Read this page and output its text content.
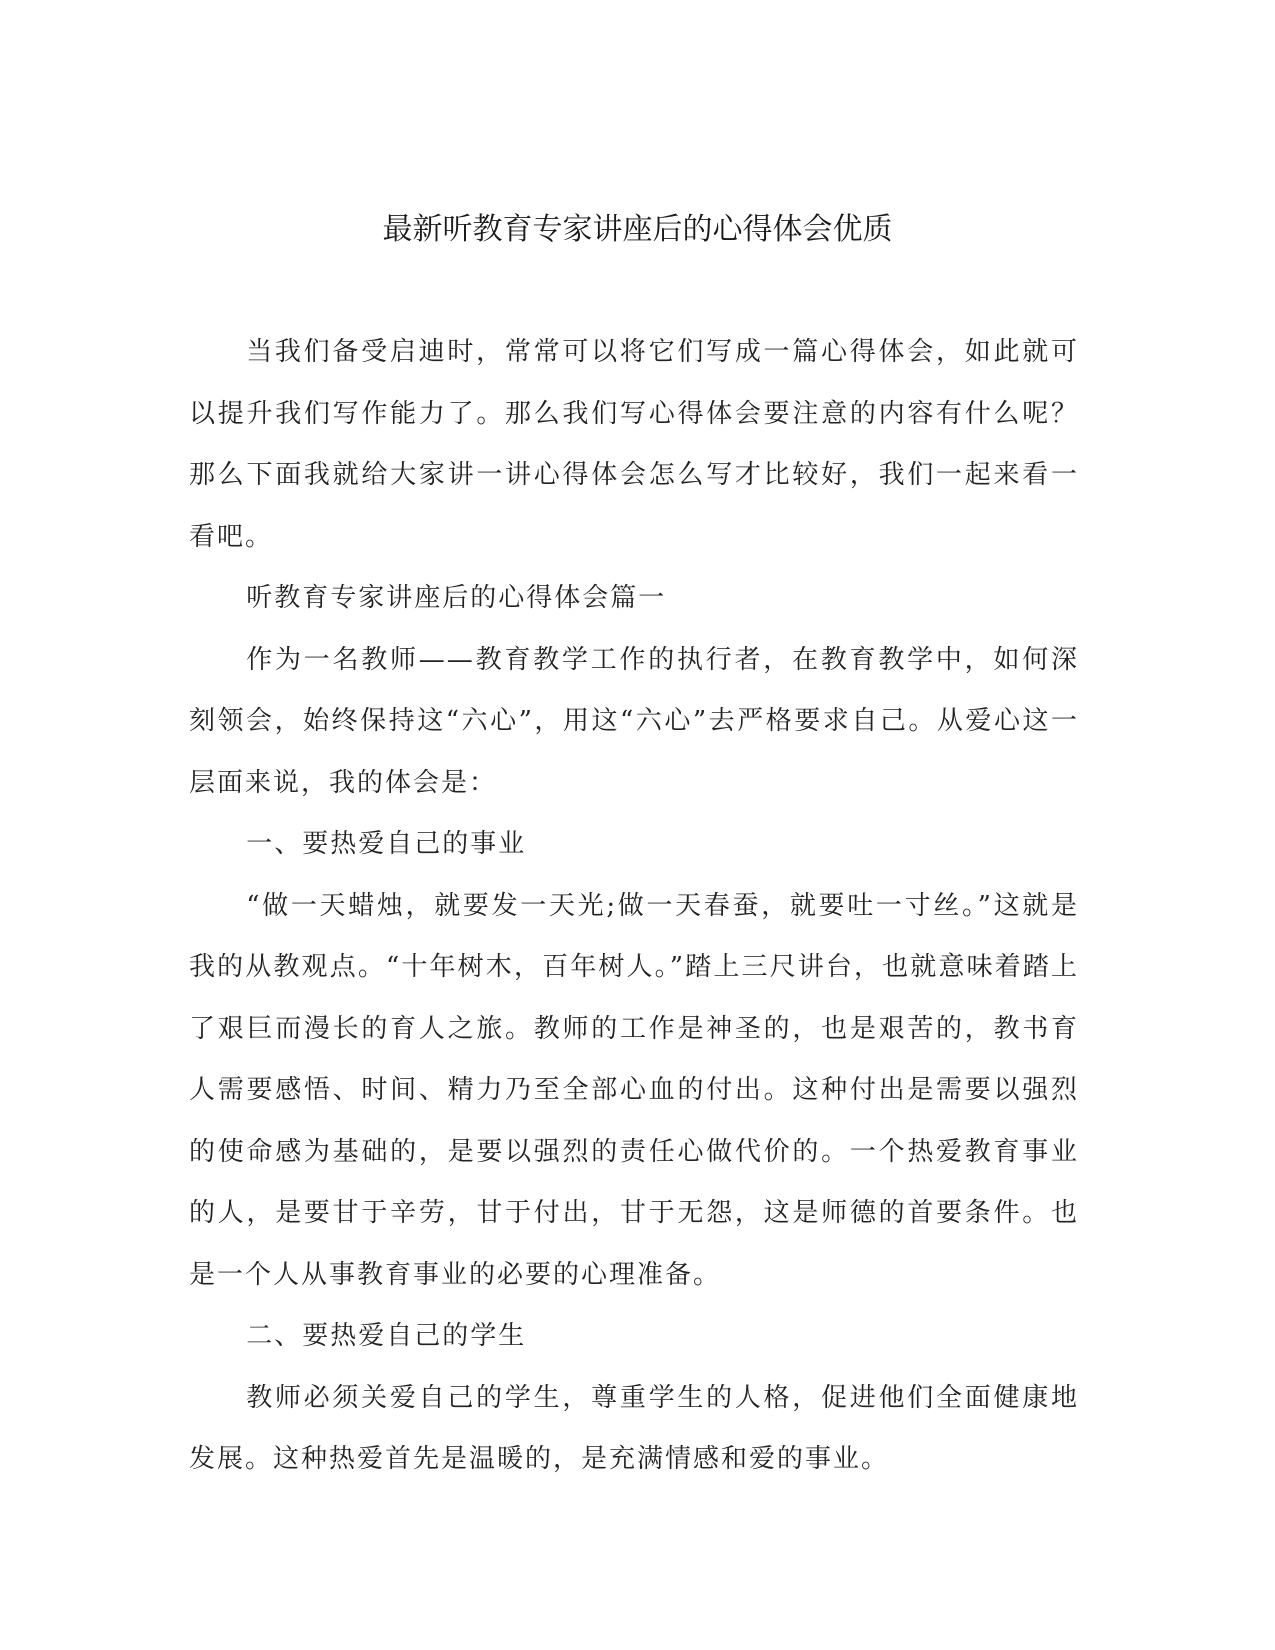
最新听教育专家讲座后的心得体会优质

当我们备受启迪时，常常可以将它们写成一篇心得体会，如此就可以提升我们写作能力了。那么我们写心得体会要注意的内容有什么呢？那么下面我就给大家讲一讲心得体会怎么写才比较好，我们一起来看一看吧。

听教育专家讲座后的心得体会篇一

作为一名教师——教育教学工作的执行者，在教育教学中，如何深刻领会，始终保持这“六心”，用这“六心”去严格要求自己。从爱心这一层面来说，我的体会是：

一、要热爱自己的事业

“做一天蜡烛，就要发一天光;做一天春蚕，就要吐一寸丝。”这就是我的从教观点。“十年树木，百年树人。”踏上三尺讲台，也就意味着踏上了艰巨而漫长的育人之旅。教师的工作是神圣的，也是艰苦的，教书育人需要感悟、时间、精力乃至全部心血的付出。这种付出是需要以强烈的使命感为基础的，是要以强烈的责任心做代价的。一个热爱教育事业的人，是要甘于辛劳，甘于付出，甘于无怨，这是师德的首要条件。也是一个人从事教育事业的必要的心理准备。

二、要热爱自己的学生

教师必须关爱自己的学生，尊重学生的人格，促进他们全面健康地发展。这种热爱首先是温暖的，是充满情感和爱的事业。
